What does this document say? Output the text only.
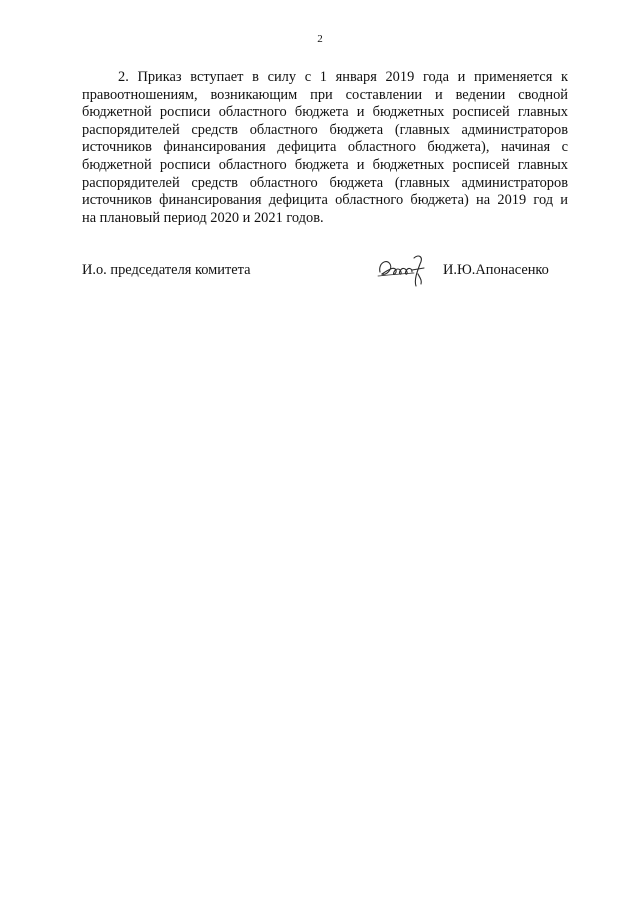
2
2. Приказ вступает в силу с 1 января 2019 года и применяется к
правоотношениям, возникающим при составлении и ведении сводной
бюджетной росписи областного бюджета и бюджетных росписей главных
распорядителей средств областного бюджета (главных администраторов
источников финансирования дефицита областного бюджета), начиная с
бюджетной росписи областного бюджета и бюджетных росписей главных
распорядителей средств областного бюджета (главных администраторов
источников финансирования дефицита областного бюджета) на 2019 год и
на плановый период 2020 и 2021 годов.
И.о. председателя комитета	И.Ю.Апонасенко
